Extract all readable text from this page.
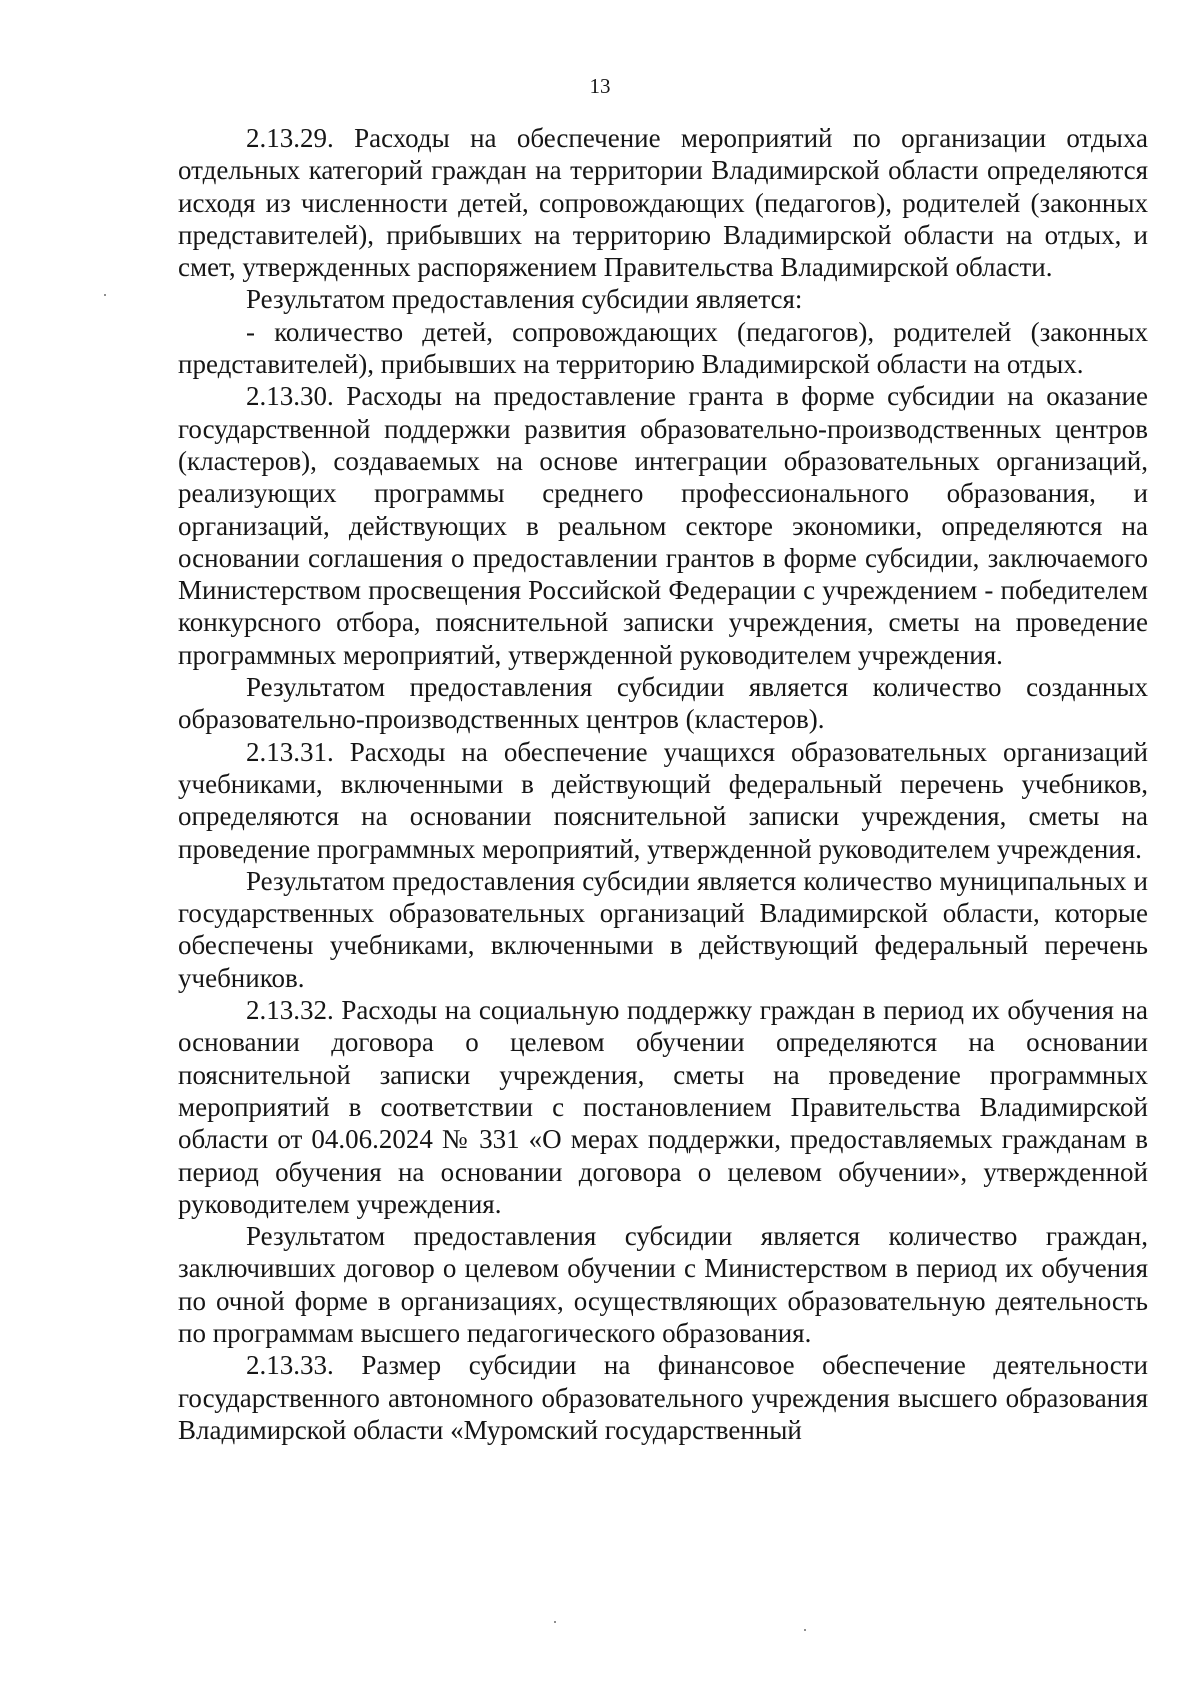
13

2.13.29. Расходы на обеспечение мероприятий по организации отдыха отдельных категорий граждан на территории Владимирской области определяются исходя из численности детей, сопровождающих (педагогов), родителей (законных представителей), прибывших на территорию Владимирской области на отдых, и смет, утвержденных распоряжением Правительства Владимирской области.

Результатом предоставления субсидии является:

- количество детей, сопровождающих (педагогов), родителей (законных представителей), прибывших на территорию Владимирской области на отдых.

2.13.30. Расходы на предоставление гранта в форме субсидии на оказание государственной поддержки развития образовательно-производственных центров (кластеров), создаваемых на основе интеграции образовательных организаций, реализующих программы среднего профессионального образования, и организаций, действующих в реальном секторе экономики, определяются на основании соглашения о предоставлении грантов в форме субсидии, заключаемого Министерством просвещения Российской Федерации с учреждением - победителем конкурсного отбора, пояснительной записки учреждения, сметы на проведение программных мероприятий, утвержденной руководителем учреждения.

Результатом предоставления субсидии является количество созданных образовательно-производственных центров (кластеров).

2.13.31. Расходы на обеспечение учащихся образовательных организаций учебниками, включенными в действующий федеральный перечень учебников, определяются на основании пояснительной записки учреждения, сметы на проведение программных мероприятий, утвержденной руководителем учреждения.

Результатом предоставления субсидии является количество муниципальных и государственных образовательных организаций Владимирской области, которые обеспечены учебниками, включенными в действующий федеральный перечень учебников.

2.13.32. Расходы на социальную поддержку граждан в период их обучения на основании договора о целевом обучении определяются на основании пояснительной записки учреждения, сметы на проведение программных мероприятий в соответствии с постановлением Правительства Владимирской области от 04.06.2024 № 331 «О мерах поддержки, предоставляемых гражданам в период обучения на основании договора о целевом обучении», утвержденной руководителем учреждения.

Результатом предоставления субсидии является количество граждан, заключивших договор о целевом обучении с Министерством в период их обучения по очной форме в организациях, осуществляющих образовательную деятельность по программам высшего педагогического образования.

2.13.33. Размер субсидии на финансовое обеспечение деятельности государственного автономного образовательного учреждения высшего образования Владимирской области «Муромский государственный
